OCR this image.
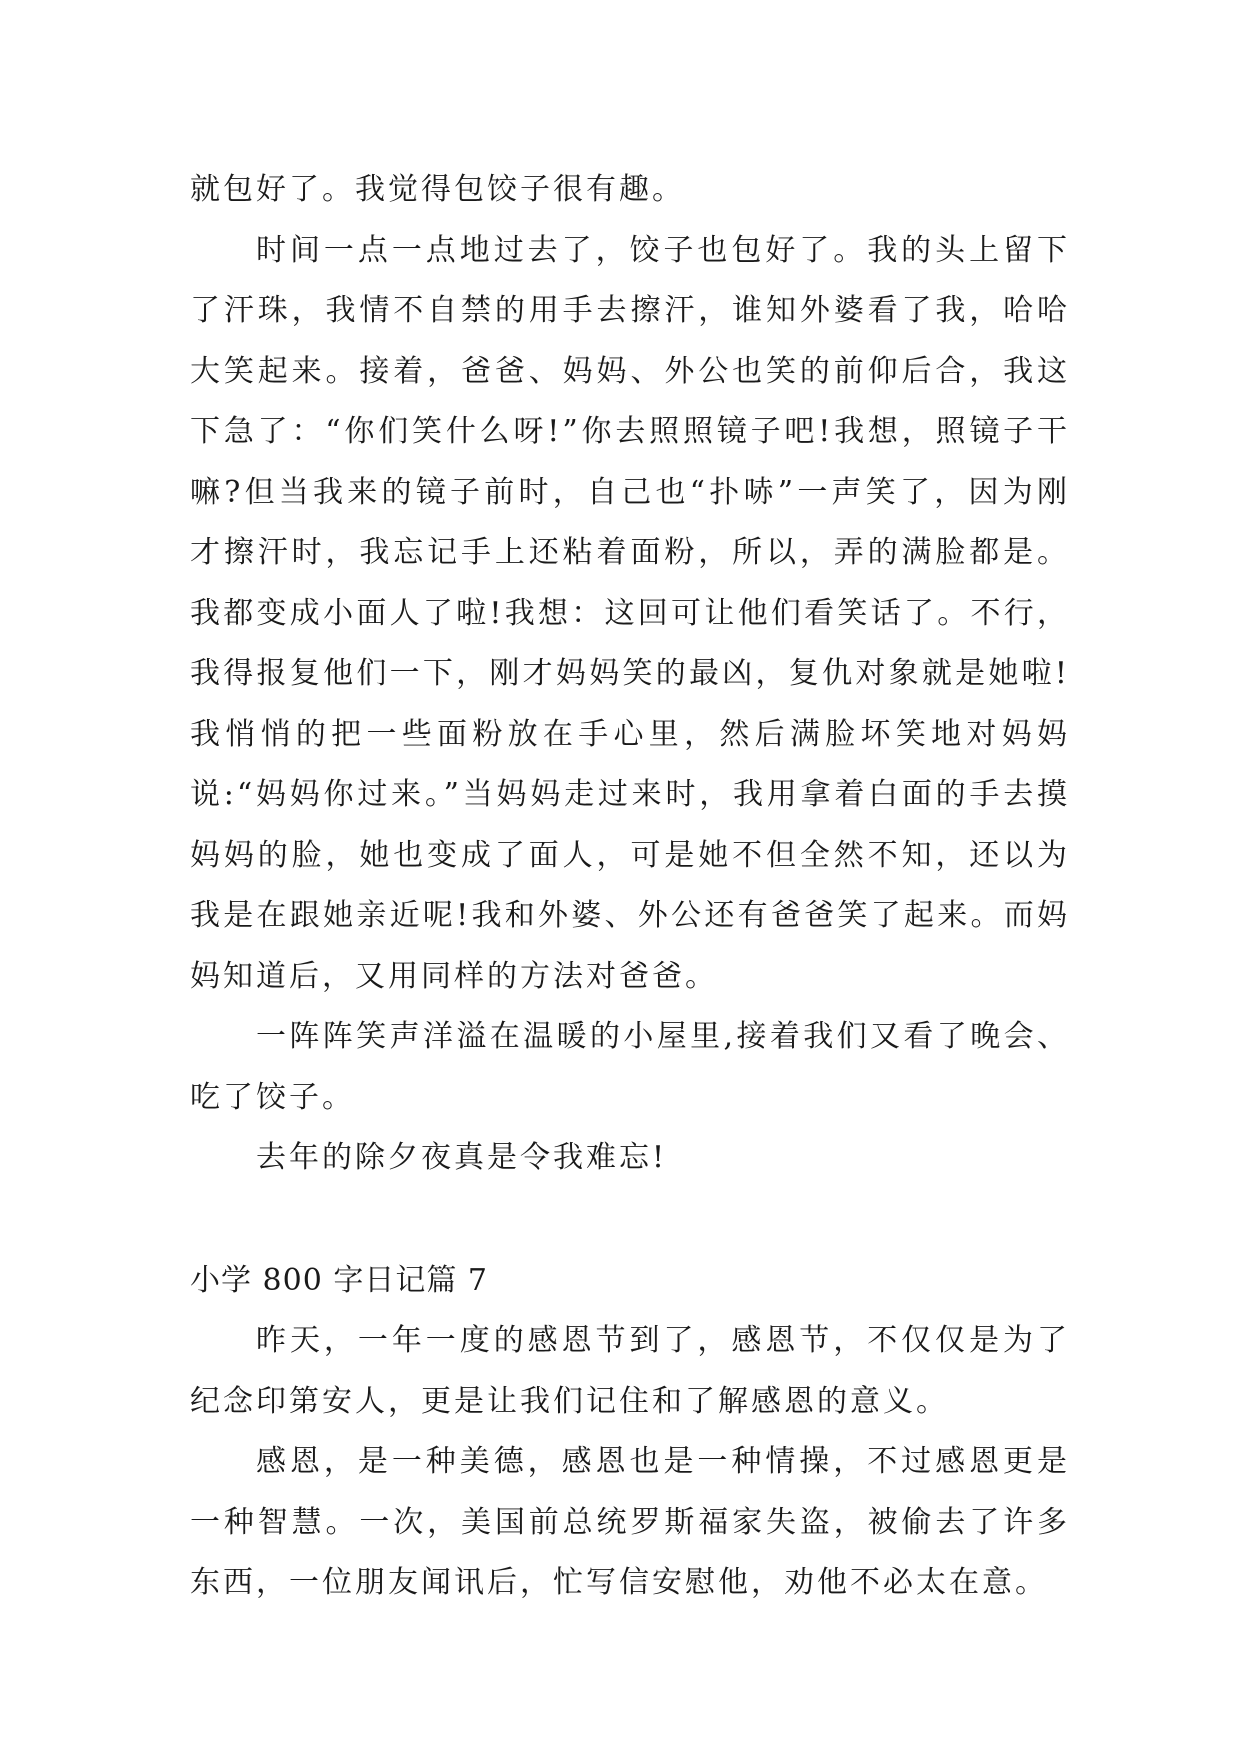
就包好了。我觉得包饺子很有趣。

时间一点一点地过去了，饺子也包好了。我的头上留下了汗珠，我情不自禁的用手去擦汗，谁知外婆看了我，哈哈大笑起来。接着，爸爸、妈妈、外公也笑的前仰后合，我这下急了：“你们笑什么呀!”你去照照镜子吧!我想，照镜子干嘛?但当我来的镜子前时，自己也“扑哧”一声笑了，因为刚才擦汗时，我忘记手上还粘着面粉，所以，弄的满脸都是。我都变成小面人了啦!我想：这回可让他们看笑话了。不行，我得报复他们一下，刚才妈妈笑的最凶，复仇对象就是她啦!我悄悄的把一些面粉放在手心里，然后满脸坏笑地对妈妈说:“妈妈你过来。”当妈妈走过来时，我用拿着白面的手去摸妈妈的脸，她也变成了面人，可是她不但全然不知，还以为我是在跟她亲近呢!我和外婆、外公还有爸爸笑了起来。而妈妈知道后，又用同样的方法对爸爸。

一阵阵笑声洋溢在温暖的小屋里,接着我们又看了晚会、吃了饺子。

去年的除夕夜真是令我难忘!

小学 800 字日记篇 7

昨天，一年一度的感恩节到了，感恩节，不仅仅是为了纪念印第安人，更是让我们记住和了解感恩的意义。

感恩，是一种美德，感恩也是一种情操，不过感恩更是一种智慧。一次，美国前总统罗斯福家失盗，被偷去了许多东西，一位朋友闻讯后，忙写信安慰他，劝他不必太在意。
